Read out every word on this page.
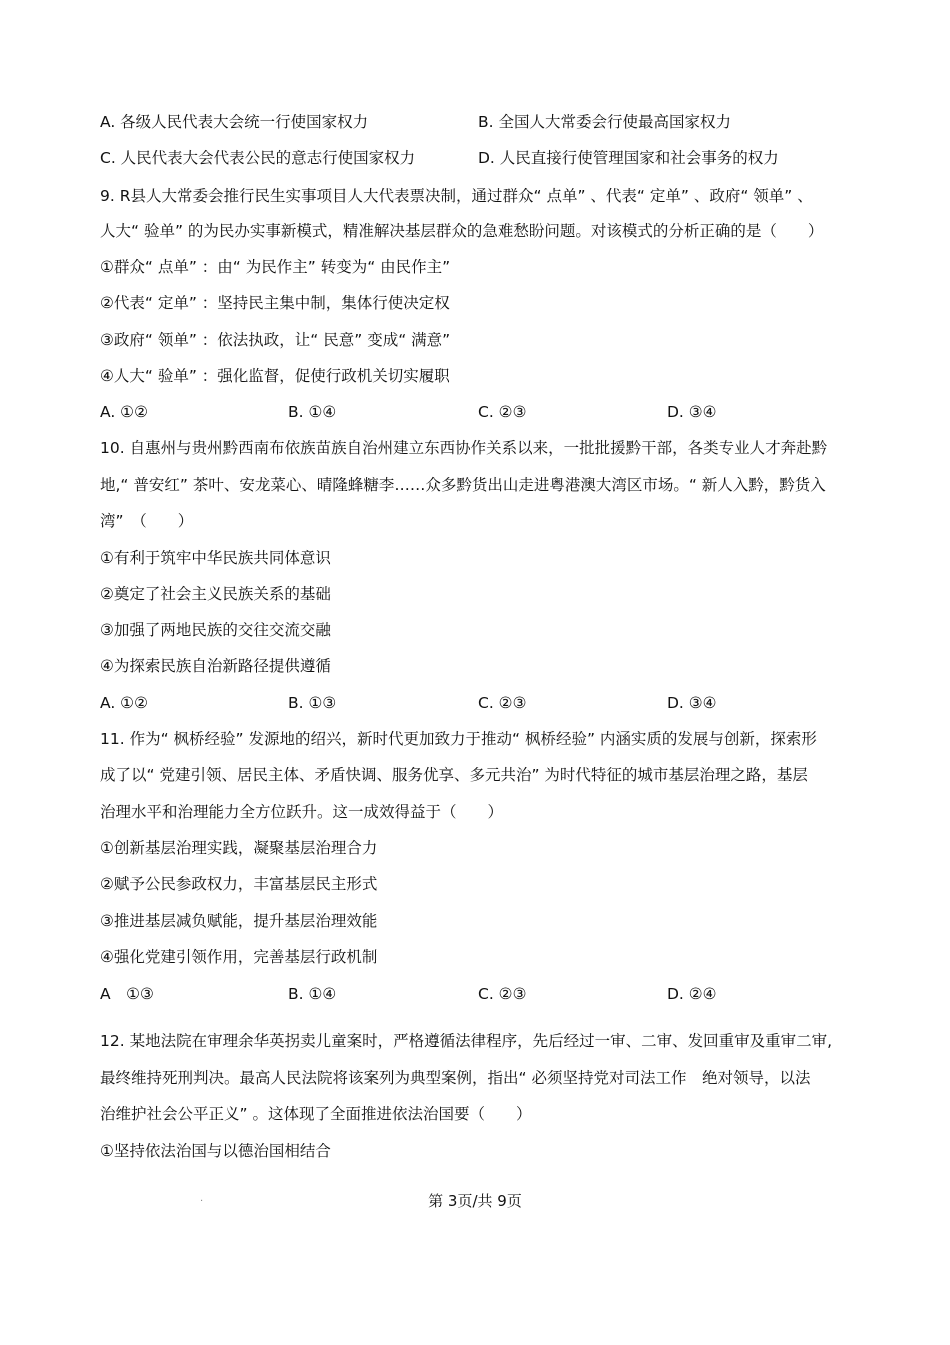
A. 各级人民代表大会统一行使国家权力	B. 全国人大常委会行使最高国家权力
C. 人民代表大会代表公民的意志行使国家权力	D. 人民直接行使管理国家和社会事务的权力
9. R县人大常委会推行民生实事项目人大代表票决制，通过群众“ 点单” 、代表“ 定单” 、政府“ 领单” 、
人大“ 验单” 的为民办实事新模式，精准解决基层群众的急难愁盼问题。对该模式的分析正确的是（　　）
①群众“ 点单” ：由“ 为民作主” 转变为“ 由民作主”
②代表“ 定单” ：坚持民主集中制，集体行使决定权
③政府“ 领单” ：依法执政，让“ 民意” 变成“ 满意”
④人大“ 验单” ：强化监督，促使行政机关切实履职
A. ①②	B. ①④	C. ②③	D. ③④
10. 自惠州与贵州黔西南布依族苗族自治州建立东西协作关系以来，一批批援黔干部，各类专业人才奔赴黔
地,“ 普安红” 茶叶、安龙菜心、晴隆蜂糖李……众多黔货出山走进粤港澳大湾区市场。“ 新人入黔，黔货入
湾”　（　　）
①有利于筑牢中华民族共同体意识
②奠定了社会主义民族关系的基础
③加强了两地民族的交往交流交融
④为探索民族自治新路径提供遵循
A. ①②	B. ①③	C. ②③	D. ③④
11. 作为“ 枫桥经验” 发源地的绍兴，新时代更加致力于推动“ 枫桥经验” 内涵实质的发展与创新，探索形
成了以“ 党建引领、居民主体、矛盾快调、服务优享、多元共治” 为时代特征的城市基层治理之路，基层
治理水平和治理能力全方位跃升。这一成效得益于（　　）
①创新基层治理实践，凝聚基层治理合力
②赋予公民参政权力，丰富基层民主形式
③推进基层减负赋能，提升基层治理效能
④强化党建引领作用，完善基层行政机制
A　①③	B. ①④	C. ②③	D. ②④
12. 某地法院在审理余华英拐卖儿童案时，严格遵循法律程序，先后经过一审、二审、发回重审及重审二审,
最终维持死刑判决。最高人民法院将该案列为典型案例，指出“ 必须坚持党对司法工作　绝对领导，以法
治维护社会公平正义” 。这体现了全面推进依法治国要（　　）
①坚持依法治国与以德治国相结合
.	第 3页/共 9页
